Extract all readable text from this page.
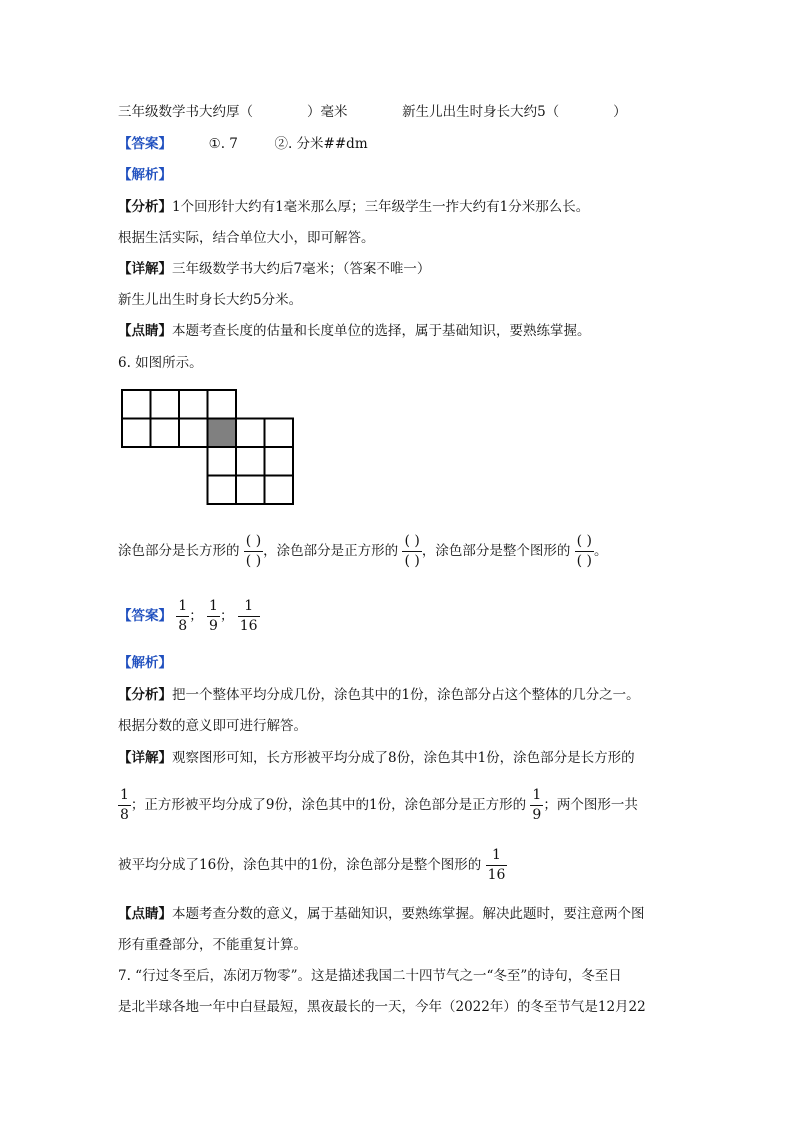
三年级数学书大约厚（　　　　）毫米	新生儿出生时身长大约5（　　　　）
【答案】	①. 7	②. 分米##dm
【解析】
【分析】1个回形针大约有1毫米那么厚；三年级学生一拃大约有1分米那么长。
根据生活实际，结合单位大小，即可解答。
【详解】三年级数学书大约后7毫米；（答案不唯一）
新生儿出生时身长大约5分米。
【点睛】本题考查长度的估量和长度单位的选择，属于基础知识，要熟练掌握。
6. 如图所示。
涂色部分是长方形的 $\frac{( )}{( )}$ ，涂色部分是正方形的 $\frac{( )}{( )}$ ，涂色部分是整个图形的 $\frac{( )}{( )}$ 。
【答案】 $\frac{1}{8}$ ； $\frac{1}{9}$ ； $\frac{1}{16}$
【解析】
【分析】把一个整体平均分成几份，涂色其中的1份，涂色部分占这个整体的几分之一。
根据分数的意义即可进行解答。
【详解】观察图形可知，长方形被平均分成了8份，涂色其中1份，涂色部分是长方形的
$\frac{1}{8}$ ；正方形被平均分成了9份，涂色其中的1份，涂色部分是正方形的 $\frac{1}{9}$ ；两个图形一共
被平均分成了16份，涂色其中的1份，涂色部分是整个图形的 $\frac{1}{16}$
【点睛】本题考查分数的意义，属于基础知识，要熟练掌握。解决此题时，要注意两个图
形有重叠部分，不能重复计算。
7. “行过冬至后，冻闭万物零”。这是描述我国二十四节气之一“冬至”的诗句，冬至日
是北半球各地一年中白昼最短，黑夜最长的一天，今年（2022年）的冬至节气是12月22
